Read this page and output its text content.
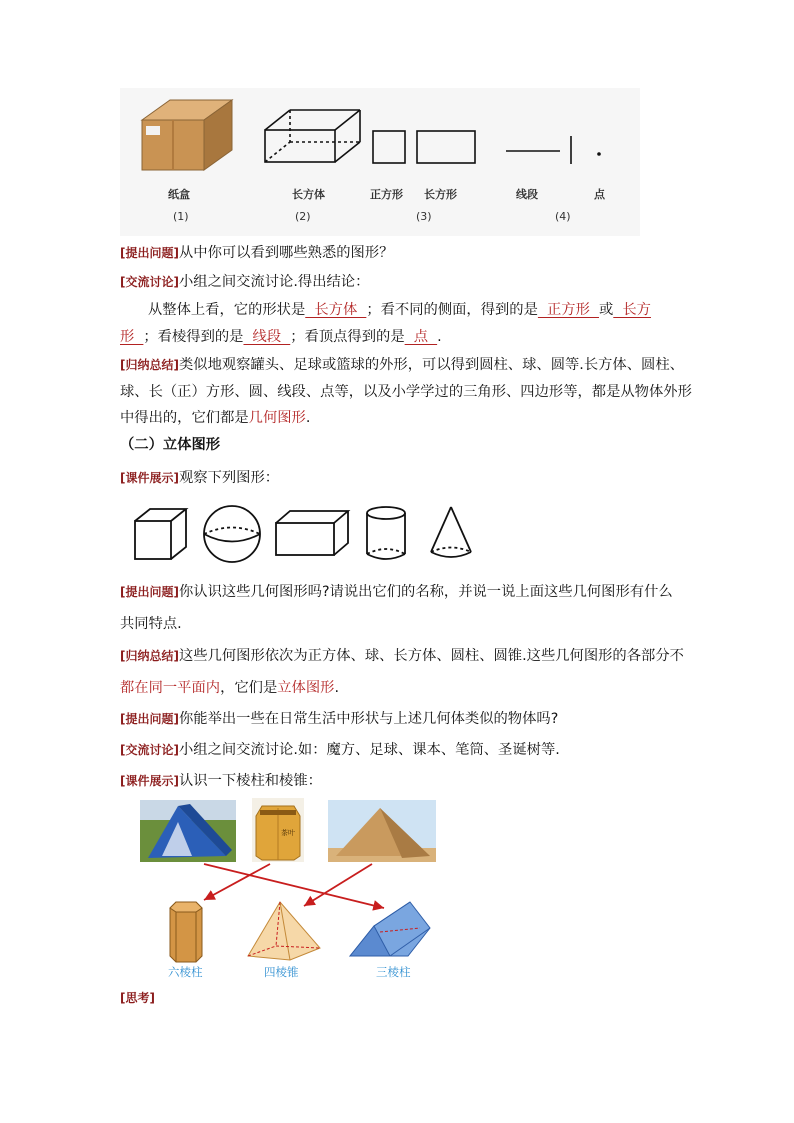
纸盒	长方体	正方形 长方形	线段	点
(1)	(2)	(3)	(4)
[提出问题]从中你可以看到哪些熟悉的图形？
[交流讨论]小组之间交流讨论.得出结论：
从整体上看，它的形状是  长方体  ；看不同的侧面，得到的是  正方形  或  长方
形  ；看棱得到的是  线段  ；看顶点得到的是  点  .
[归纳总结]类似地观察罐头、足球或篮球的外形，可以得到圆柱、球、圆等.长方体、圆柱、
球、长（正）方形、圆、线段、点等，以及小学学过的三角形、四边形等，都是从物体外形
中得出的，它们都是几何图形.
（二）立体图形
[课件展示]观察下列图形：
[提出问题]你认识这些几何图形吗?请说出它们的名称，并说一说上面这些几何图形有什么
共同特点.
[归纳总结]这些几何图形依次为正方体、球、长方体、圆柱、圆锥.这些几何图形的各部分不
都在同一平面内，它们是立体图形.
[提出问题]你能举出一些在日常生活中形状与上述几何体类似的物体吗?
[交流讨论]小组之间交流讨论.如：魔方、足球、课本、笔筒、圣诞树等.
[课件展示]认识一下棱柱和棱锥：
茶叶
六棱柱	四棱锥	三棱柱
[思考]
